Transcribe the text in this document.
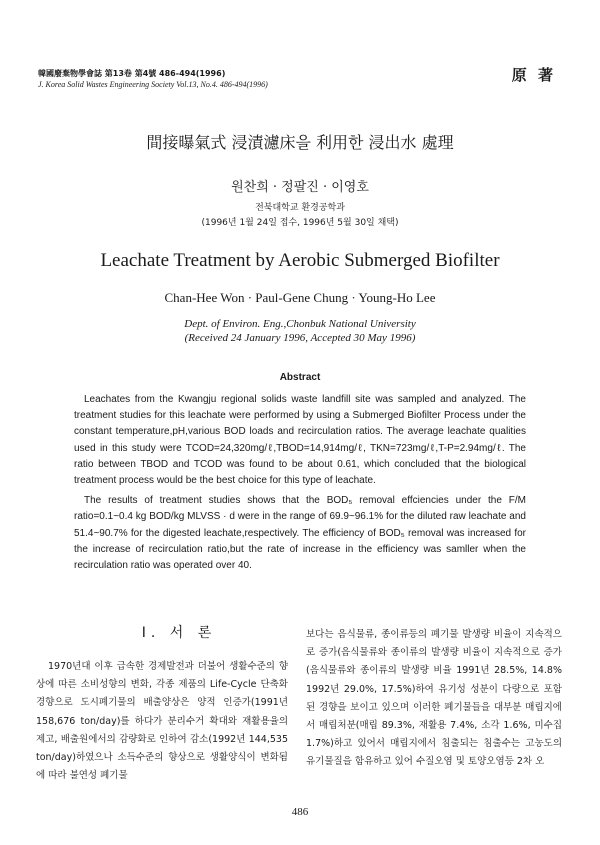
韓國廢棄物學會誌 第13卷 第4號 486-494(1996)
J. Korea Solid Wastes Engineering Society Vol.13, No.4. 486-494(1996)
原 著
間接曝氣式 浸漬濾床을 利用한 浸出水 處理
원찬희 · 정팔진 · 이영호
전북대학교 환경공학과
(1996년 1월 24일 접수, 1996년 5월 30일 채택)
Leachate Treatment by Aerobic Submerged Biofilter
Chan-Hee Won · Paul-Gene Chung · Young-Ho Lee
Dept. of Environ. Eng.,Chonbuk National University
(Received 24 January 1996, Accepted 30 May 1996)
Abstract

Leachates from the Kwangju regional solids waste landfill site was sampled and analyzed. The treatment studies for this leachate were performed by using a Submerged Biofilter Process under the constant temperature,pH,various BOD loads and recirculation ratios. The average leachate qualities used in this study were TCOD=24,320mg/ℓ,TBOD=14,914mg/ℓ, TKN=723mg/ℓ,T-P=2.94mg/ℓ. The ratio between TBOD and TCOD was found to be about 0.61, which concluded that the biological treatment process would be the best choice for this type of leachate.

The results of treatment studies shows that the BOD₅ removal effciencies under the F/M ratio=0.1~0.4 kg BOD/kg MLVSS · d were in the range of 69.9~96.1% for the diluted raw leachate and 51.4~90.7% for the digested leachate,respectively. The efficiency of BOD₅ removal was increased for the increase of recirculation ratio,but the rate of increase in the efficiency was samller when the recirculation ratio was operated over 40.

Ⅰ. 서 론

1970년대 이후 급속한 경제발전과 더불어 생활수준의 향상에 따른 소비성향의 변화, 각종 제품의 Life-Cycle 단축화 경향으로 도시폐기물의 배출양상은 양적 인증가(1991년 158,676 ton/day)를 하다가 분리수거 확대와 재활용율의 제고, 배출원에서의 감량화로 인하여 감소(1992년 144,535 ton/day)하였으나 소득수준의 향상으로 생활양식이 변화됨에 따라 불연성 폐기물

보다는 음식물류, 종이류등의 폐기물 발생량 비율이 지속적으로 증가(음식물류와 종이류의 발생량 비율이 지속적으로 증가(음식물류와 종이류의 발생량 비율 1991년 28.5%, 14.8% 1992년 29.0%, 17.5%)하여 유기성 성분이 다량으로 포함된 경향을 보이고 있으며 이러한 폐기물들을 대부분 매립지에서 매립처분(매립 89.3%, 재활용 7.4%, 소각 1.6%, 미수집 1.7%)하고 있어서 매립지에서 침출되는 침출수는 고농도의 유기물질을 함유하고 있어 수질오염 및 토양오염등 2차 오

486
